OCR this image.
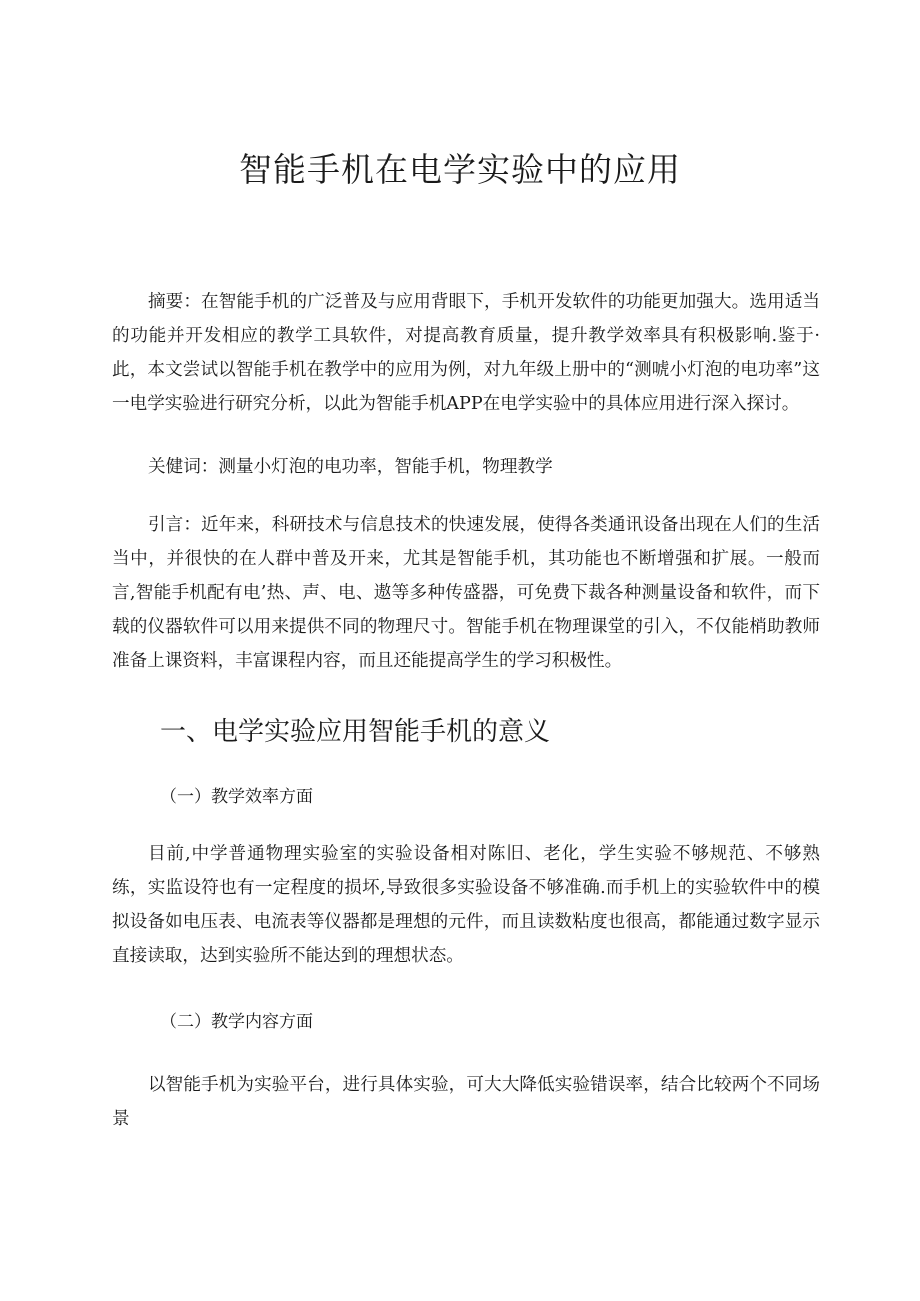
智能手机在电学实验中的应用

摘要：在智能手机的广泛普及与应用背眼下，手机开发软件的功能更加强大。选用适当的功能并开发相应的教学工具软件，对提高教育质量，提升教学效率具有积极影响.鉴于·此，本文尝试以智能手机在教学中的应用为例，对九年级上册中的“测唬小灯泡的电功率”这一电学实验进行研究分析，以此为智能手机APP在电学实验中的具体应用进行深入探讨。

关健词：测量小灯泡的电功率，智能手机，物理教学

引言：近年来，科研技术与信息技术的快速发展，使得各类通讯设备出现在人们的生活当中，并很快的在人群中普及开来，尤其是智能手机，其功能也不断增强和扩展。一般而言,智能手机配有电’热、声、电、遨等多种传盛器，可免费下裁各种测量设备和软件，而下载的仪器软件可以用来提供不同的物理尺寸。智能手机在物理课堂的引入，不仅能梢助教师准备上课资料，丰富课程内容，而且还能提高学生的学习积极性。

一、电学实验应用智能手机的意义
（一）教学效率方面

目前,中学普通物理实验室的实验设备相对陈旧、老化，学生实验不够规范、不够熟练，实监设符也有一定程度的损坏,导致很多实验设备不够准确.而手机上的实验软件中的模拟设备如电压表、电流表等仪器都是理想的元件，而且读数粘度也很高，都能通过数字显示直接读取，达到实验所不能达到的理想状态。

（二）教学内容方面

以智能手机为实验平台，进行具体实验，可大大降低实验错误率，结合比较两个不同场景
